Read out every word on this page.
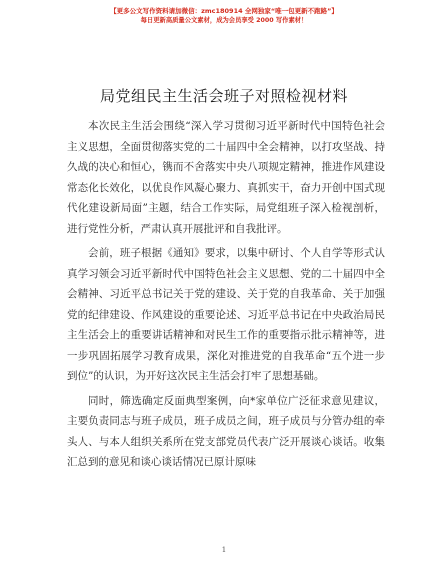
【更多公文写作资料请加微信：zmc180914 全网独家“唯一包更新不跑路”】
每日更新高质量公文素材，成为会员享受 2000 写作素材！
局党组民主生活会班子对照检视材料

本次民主生活会围绕“深入学习贯彻习近平新时代中国特色社会主义思想，全面贯彻落实党的二十届四中全会精神，以打攻坚战、持久战的决心和恒心，镌而不舍落实中央八项规定精神，推进作风建设常态化长效化，以优良作风凝心聚力、真抓实干，奋力开创中国式现代化建设新局面”主题，结合工作实际，局党组班子深入检视剖析，进行党性分析，严肃认真开展批评和自我批评。

会前，班子根据《通知》要求，以集中研讨、个人自学等形式认真学习领会习近平新时代中国特色社会主义思想、党的二十届四中全会精神、习近平总书记关于党的建设、关于党的自我革命、关于加强党的纪律建设、作风建设的重要论述、习近平总书记在中央政治局民主生活会上的重要讲话精神和对民生工作的重要指示批示精神等，进一步巩固拓展学习教育成果，深化对推进党的自我革命“五个进一步到位”的认识，为开好这次民主生活会打牢了思想基础。

同时，筛选确定反面典型案例，向*家单位广泛征求意见建议，主要负责同志与班子成员，班子成员之间，班子成员与分管办组的牵头人、与本人组织关系所在党支部党员代表广泛开展谈心谈话。收集汇总到的意见和谈心谈话情况已原计原味

1
